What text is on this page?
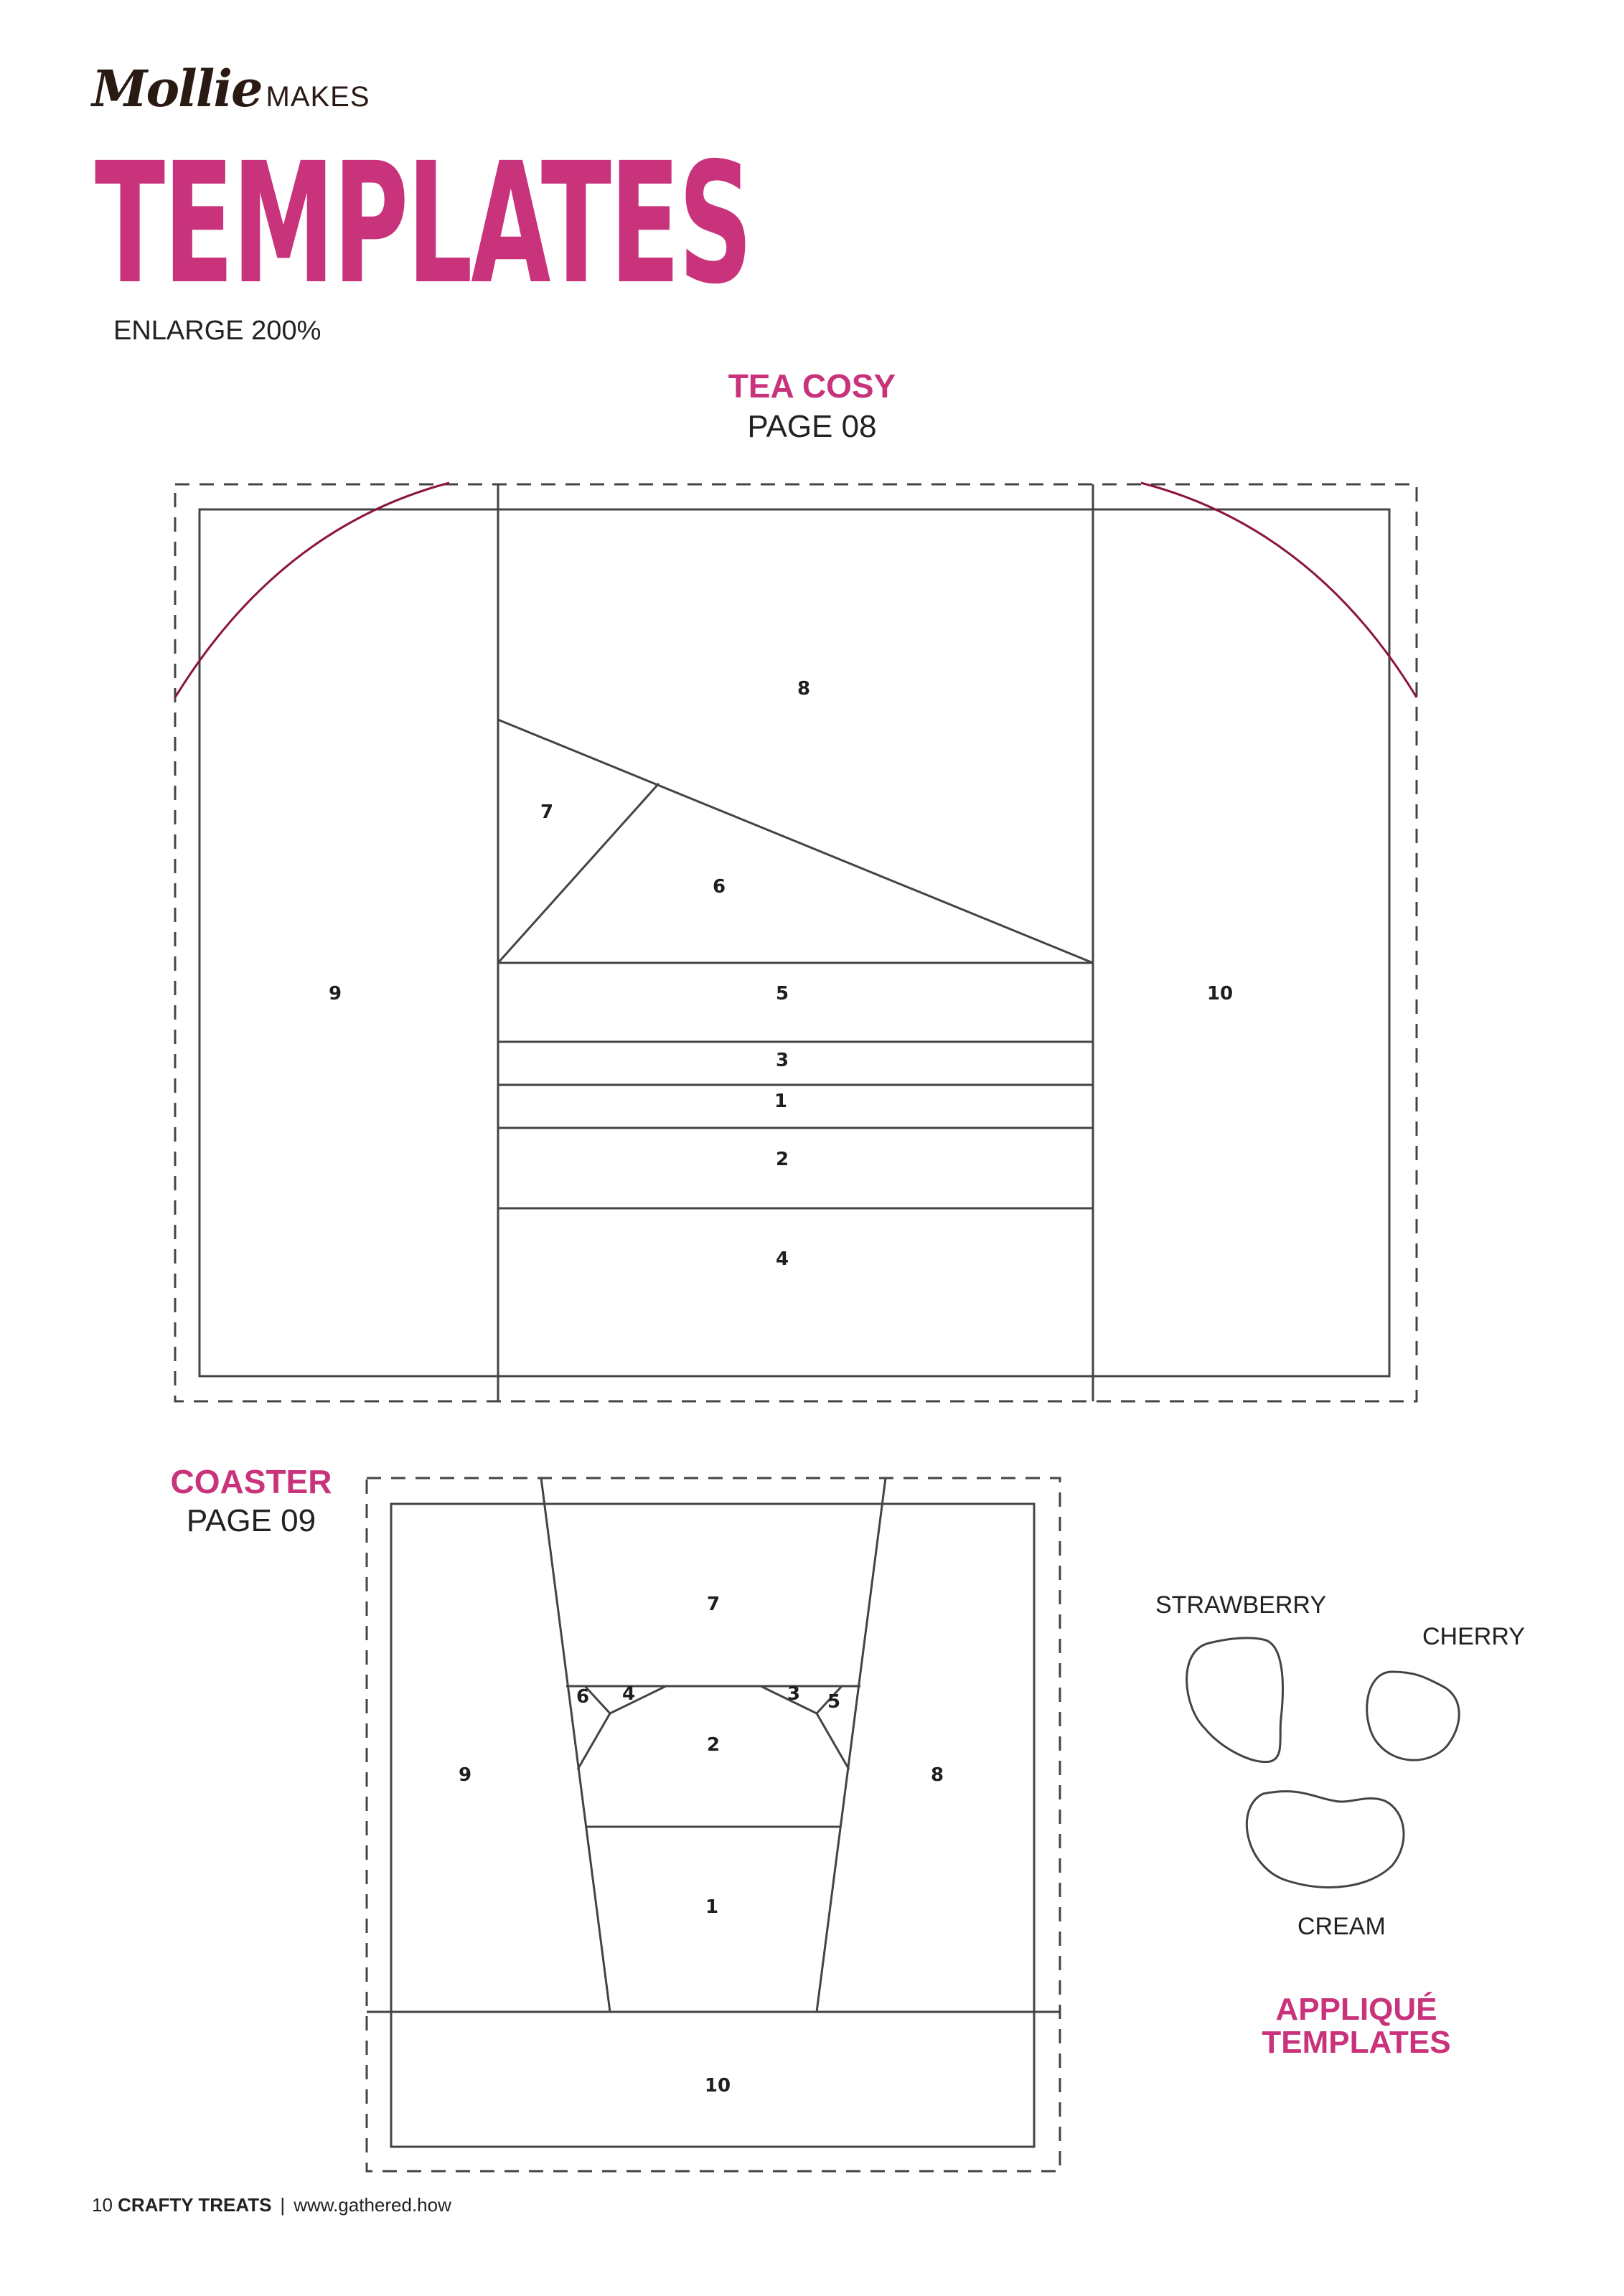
Mollie MAKES
TEMPLATES
ENLARGE 200%
TEA COSY
PAGE 08
8
7
6
9	5	10
3
1
2
4
7
6 4	3 5
2
9	8
1
10
COASTER
PAGE 09
STRAWBERRY
CHERRY
CREAM
APPLIQUÉ
TEMPLATES
10 CRAFTY TREATS | www.gathered.how
